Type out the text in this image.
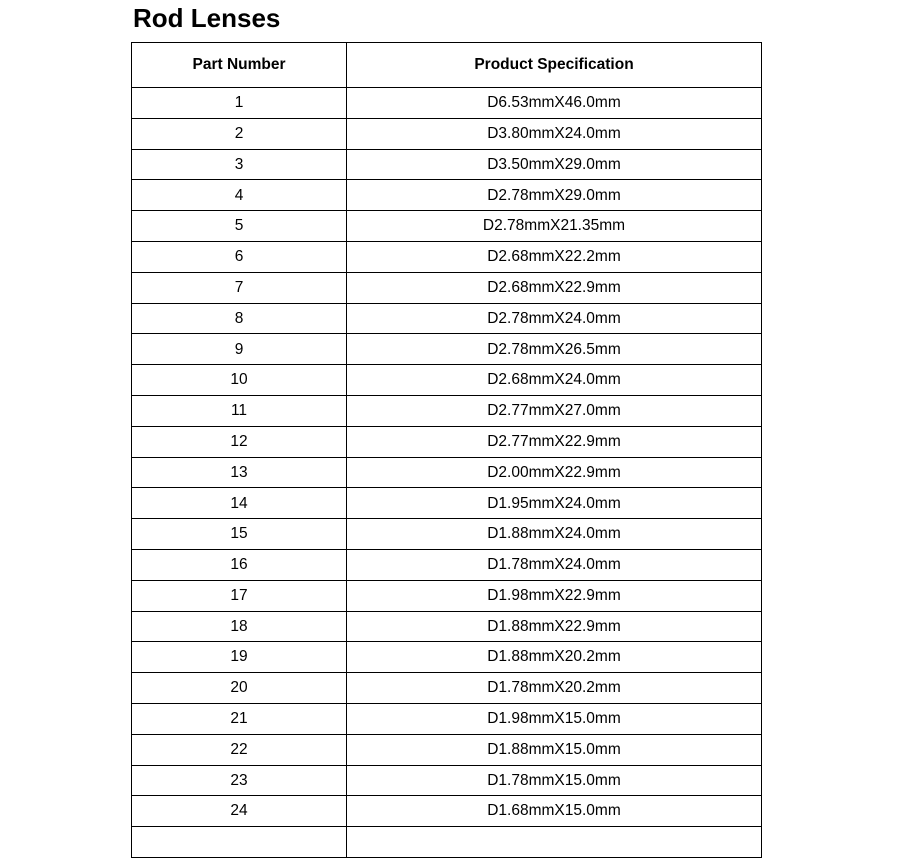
Rod Lenses
Part Number	Product Specification
1	D6.53mmX46.0mm
2	D3.80mmX24.0mm
3	D3.50mmX29.0mm
4	D2.78mmX29.0mm
5	D2.78mmX21.35mm
6	D2.68mmX22.2mm
7	D2.68mmX22.9mm
8	D2.78mmX24.0mm
9	D2.78mmX26.5mm
10	D2.68mmX24.0mm
11	D2.77mmX27.0mm
12	D2.77mmX22.9mm
13	D2.00mmX22.9mm
14	D1.95mmX24.0mm
15	D1.88mmX24.0mm
16	D1.78mmX24.0mm
17	D1.98mmX22.9mm
18	D1.88mmX22.9mm
19	D1.88mmX20.2mm
20	D1.78mmX20.2mm
21	D1.98mmX15.0mm
22	D1.88mmX15.0mm
23	D1.78mmX15.0mm
24	D1.68mmX15.0mm
